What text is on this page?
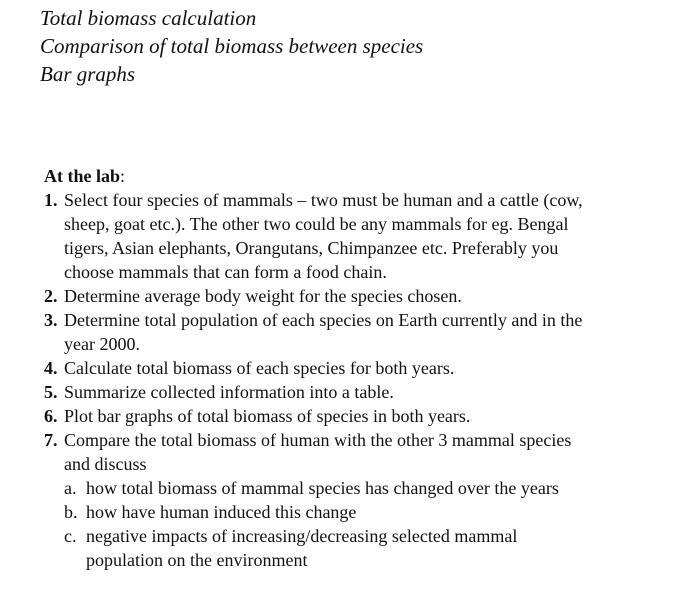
Total biomass calculation
Comparison of total biomass between species
Bar graphs

At the lab:

1. Select four species of mammals – two must be human and a cattle (cow,
sheep, goat etc.). The other two could be any mammals for eg. Bengal
tigers, Asian elephants, Orangutans, Chimpanzee etc. Preferably you
choose mammals that can form a food chain.
2. Determine average body weight for the species chosen.
3. Determine total population of each species on Earth currently and in the
year 2000.
4. Calculate total biomass of each species for both years.
5. Summarize collected information into a table.
6. Plot bar graphs of total biomass of species in both years.
7. Compare the total biomass of human with the other 3 mammal species
and discuss
a. how total biomass of mammal species has changed over the years
b. how have human induced this change
c. negative impacts of increasing/decreasing selected mammal
population on the environment
